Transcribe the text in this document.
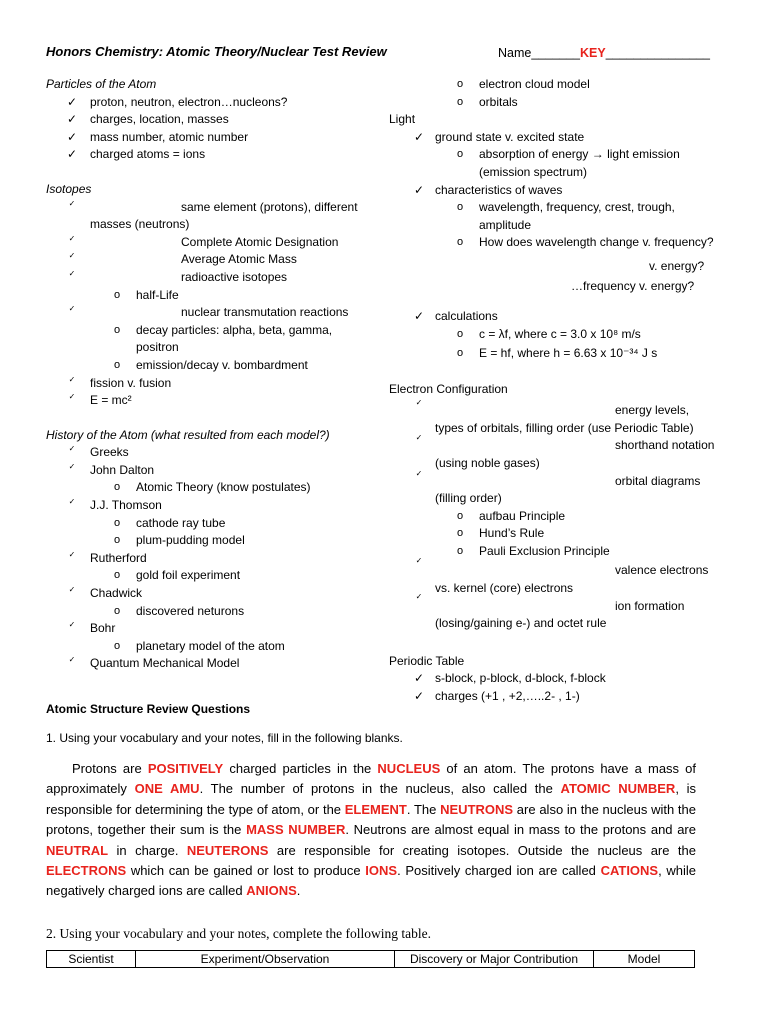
Honors Chemistry: Atomic Theory/Nuclear Test Review	Name_______KEY_______________
Particles of the Atom
✓ proton, neutron, electron…nucleons?
✓ charges, location, masses
✓ mass number, atomic number
✓ charged atoms = ions
Isotopes
✓	same element (protons), different
masses (neutrons)
✓	Complete Atomic Designation
✓	Average Atomic Mass
✓	radioactive isotopes
o half-Life
✓	nuclear transmutation reactions
o decay particles: alpha, beta, gamma,
positron
o emission/decay v. bombardment
✓ fission v. fusion
✓ E = mc²
History of the Atom (what resulted from each model?)
✓ Greeks
✓ John Dalton
o Atomic Theory (know postulates)
✓ J.J. Thomson
o cathode ray tube
o plum-pudding model
✓ Rutherford
o gold foil experiment
✓ Chadwick
o discovered neturons
✓ Bohr
o planetary model of the atom
✓ Quantum Mechanical Model
o electron cloud model
o orbitals
Light
✓ ground state v. excited state
o absorption of energy → light emission
(emission spectrum)
✓ characteristics of waves
o wavelength, frequency, crest, trough,
amplitude
o How does wavelength change v. frequency?
v. energy?
…frequency v. energy?
✓ calculations
o c = λf, where c = 3.0 x 10⁸ m/s
o E = hf, where h = 6.63 x 10⁻³⁴ J s
Electron Configuration
✓
energy levels,
types of orbitals, filling order (use Periodic Table)
✓
shorthand notation
(using noble gases)
✓
orbital diagrams
(filling order)
o aufbau Principle
o Hund’s Rule
o Pauli Exclusion Principle
✓
valence electrons
vs. kernel (core) electrons
✓
ion formation
(losing/gaining e-) and octet rule
Periodic Table
✓ s-block, p-block, d-block, f-block
✓ charges (+1 , +2,…..2- , 1-)
Atomic Structure Review Questions
1. Using your vocabulary and your notes, fill in the following blanks.
Protons are POSITIVELY charged particles in the NUCLEUS of an atom. The protons have a mass of approximately ONE AMU. The number of protons in the nucleus, also called the ATOMIC NUMBER, is responsible for determining the type of atom, or the ELEMENT. The NEUTRONS are also in the nucleus with the protons, together their sum is the MASS NUMBER. Neutrons are almost equal in mass to the protons and are NEUTRAL in charge. NEUTERONS are responsible for creating isotopes. Outside the nucleus are the ELECTRONS which can be gained or lost to produce IONS. Positively charged ion are called CATIONS, while negatively charged ions are called ANIONS.
2. Using your vocabulary and your notes, complete the following table.
Scientist	Experiment/Observation	Discovery or Major Contribution	Model
